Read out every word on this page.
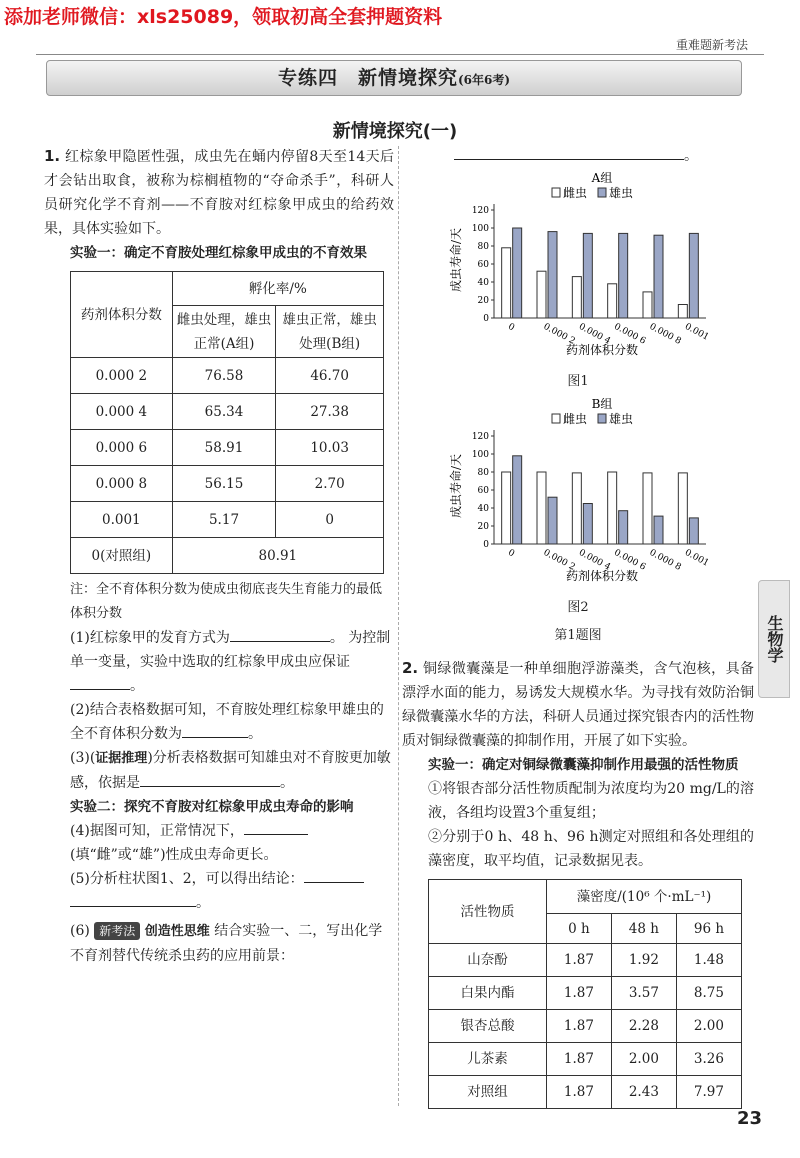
添加老师微信：xls25089，领取初高全套押题资料
重难题新考法
专练四　新情境探究(6年6考)
新情境探究(一)
1. 红棕象甲隐匿性强，成虫先在蛹内停留8天至14天后才会钻出取食，被称为棕榈植物的“夺命杀手”，科研人员研究化学不育剂——不育胺对红棕象甲成虫的给药效果，具体实验如下。
实验一：确定不育胺处理红棕象甲成虫的不育效果
药剂体积分数	孵化率/%	
	雌虫处理，雄虫正常(A组)	雄虫正常，雄虫处理(B组)
0.000 2	76.58	46.70
0.000 4	65.34	27.38
0.000 6	58.91	10.03
0.000 8	56.15	2.70
0.001	5.17	0
0(对照组)	80.91	
注：全不育体积分数为使成虫彻底丧失生育能力的最低体积分数
(1)红棕象甲的发育方式为	。 为控制单一变量，实验中选取的红棕象甲成虫应保证。
(2)结合表格数据可知，不育胺处理红棕象甲雄虫的全不育体积分数为	。
(3)(证据推理)分析表格数据可知雄虫对不育胺更加敏感，依据是	。
实验二：探究不育胺对红棕象甲成虫寿命的影响
(4)据图可知，正常情况下，(填“雌”或“雄”)性成虫寿命更长。
(5)分析柱状图1、2，可以得出结论：
。
(6) 新考法 创造性思维 结合实验一、二，写出化学不育剂替代传统杀虫药的应用前景：
。
A组
雌虫 雄虫
0
20
40
60
80
100
120
成虫寿命/天
0	0.000 2 0.000 4 0.000 6 0.000 8 0.001
药剂体积分数
图1
B组
雌虫 雄虫
0
20
40
60
80
100
120
成虫寿命/天
0	0.000 2 0.000 4 0.000 6 0.000 8 0.001
药剂体积分数
图2
第1题图
2. 铜绿微囊藻是一种单细胞浮游藻类，含气泡核，具备漂浮水面的能力，易诱发大规模水华。为寻找有效防治铜绿微囊藻水华的方法，科研人员通过探究银杏内的活性物质对铜绿微囊藻的抑制作用，开展了如下实验。
实验一：确定对铜绿微囊藻抑制作用最强的活性物质
①将银杏部分活性物质配制为浓度均为20 mg/L的溶液，各组均设置3个重复组；
②分别于0 h、48 h、96 h测定对照组和各处理组的藻密度，取平均值，记录数据见表。
活性物质	藻密度/(10⁶ 个·mL⁻¹)		
	0 h	48 h	96 h
山奈酚	1.87	1.92	1.48
白果内酯	1.87	3.57	8.75
银杏总酸	1.87	2.28	2.00
儿茶素	1.87	2.00	3.26
对照组	1.87	2.43	7.97
生物学
23
